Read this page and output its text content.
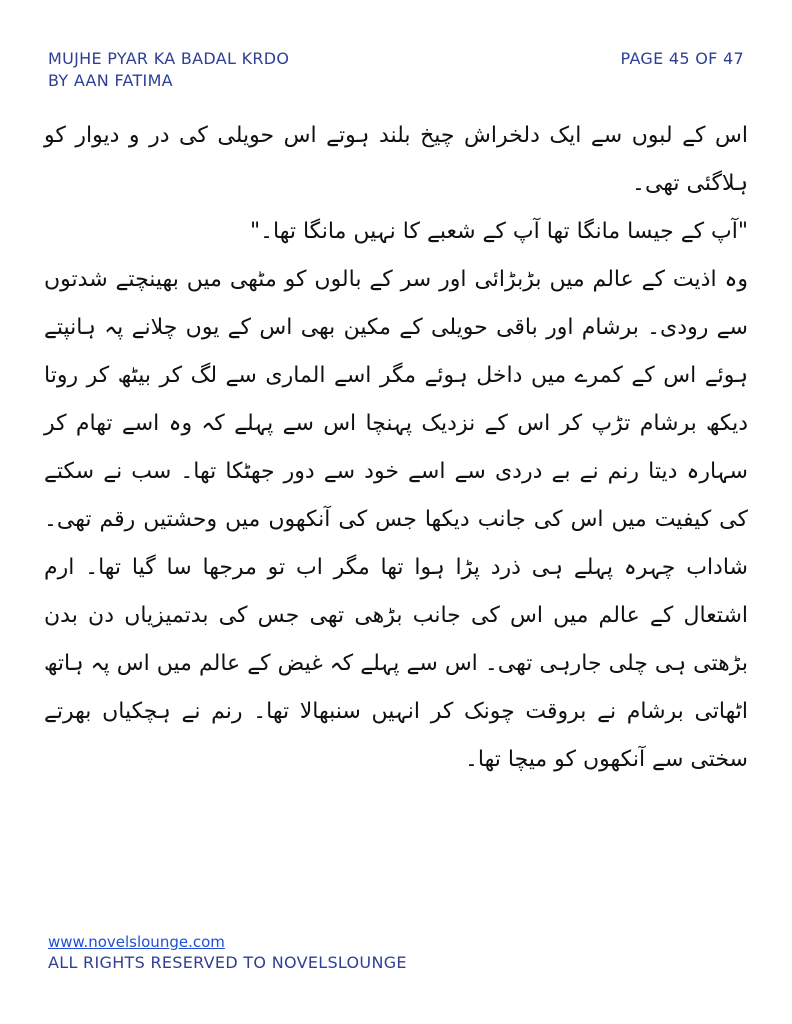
MUJHE PYAR KA BADAL KRDO
BY AAN FATIMA
PAGE 45 OF 47

اس کے لبوں سے ایک دلخراش چیخ بلند ہوتے اس حویلی کی در و دیوار کو ہلاگئی تھی۔

"آپ کے جیسا مانگا تھا آپ کے شعبے کا نہیں مانگا تھا۔"

وہ اذیت کے عالم میں بڑبڑائی اور سر کے بالوں کو مٹھی میں بھینچتے شدتوں سے رودی۔ برشام اور باقی حویلی کے مکین بھی اس کے یوں چلانے پہ ہانپتے ہوئے اس کے کمرے میں داخل ہوئے مگر اسے الماری سے لگ کر بیٹھ کر روتا دیکھ برشام تڑپ کر اس کے نزدیک پہنچا اس سے پہلے کہ وہ اسے تھام کر سہارہ دیتا رنم نے بے دردی سے اسے خود سے دور جھٹکا تھا۔ سب نے سکتے کی کیفیت میں اس کی جانب دیکھا جس کی آنکھوں میں وحشتیں رقم تھی۔ شاداب چہرہ پہلے ہی ذرد پڑا ہوا تھا مگر اب تو مرجھا سا گیا تھا۔ ارم اشتعال کے عالم میں اس کی جانب بڑھی تھی جس کی بدتمیزیاں دن بدن بڑھتی ہی چلی جارہی تھی۔ اس سے پہلے کہ غیض کے عالم میں اس پہ ہاتھ اٹھاتی برشام نے بروقت چونک کر انہیں سنبھالا تھا۔ رنم نے ہچکیاں بھرتے سختی سے آنکھوں کو میچا تھا۔

www.novelslounge.com
ALL RIGHTS RESERVED TO NOVELSLOUNGE
